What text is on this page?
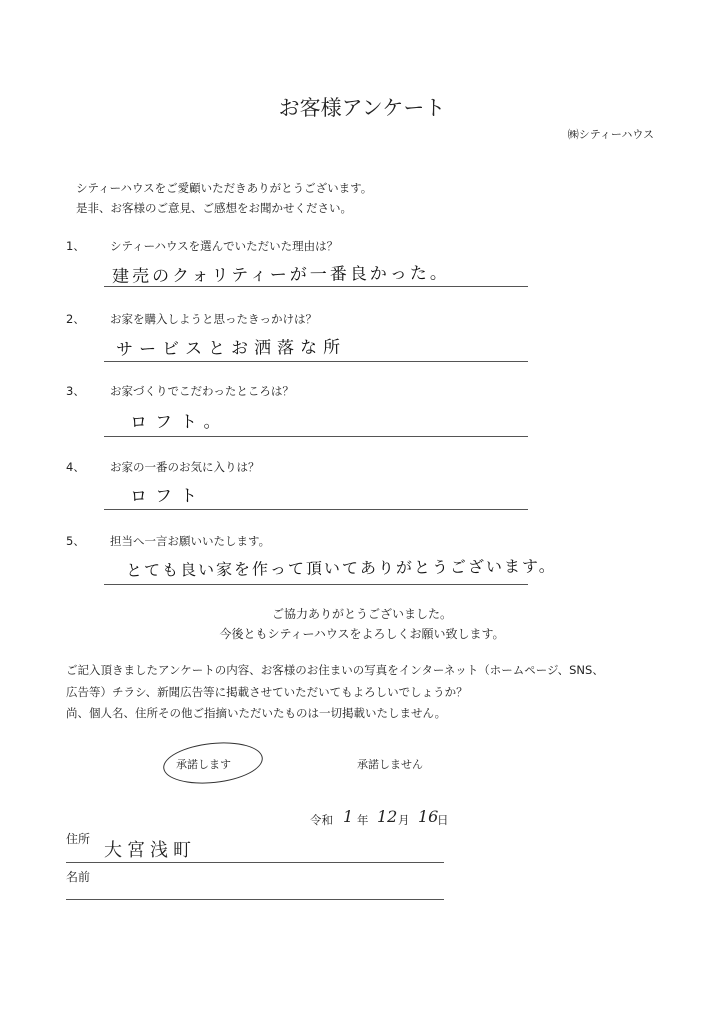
お客様アンケート
㈱シティーハウス
シティーハウスをご愛顧いただきありがとうございます。
是非、お客様のご意見、ご感想をお聞かせください。
1、 シティーハウスを選んでいただいた理由は？
建売のクォリティーが一番良かった。
2、 お家を購入しようと思ったきっかけは？
サービスとお洒落な所
3、 お家づくりでこだわったところは？
ロフト。
4、 お家の一番のお気に入りは？
ロフト
5、 担当へ一言お願いいたします。
とても良い家を作って頂いてありがとうございます。
ご協力ありがとうございました。
今後ともシティーハウスをよろしくお願い致します。
ご記入頂きましたアンケートの内容、お客様のお住まいの写真をインターネット（ホームページ、SNS、
広告等）チラシ、新聞広告等に掲載させていただいてもよろしいでしょうか？
尚、個人名、住所その他ご指摘いただいたものは一切掲載いたしません。
承諾します	承諾しません
令和 1 年 12 月 16
日
住所
大宮浅町
名前
